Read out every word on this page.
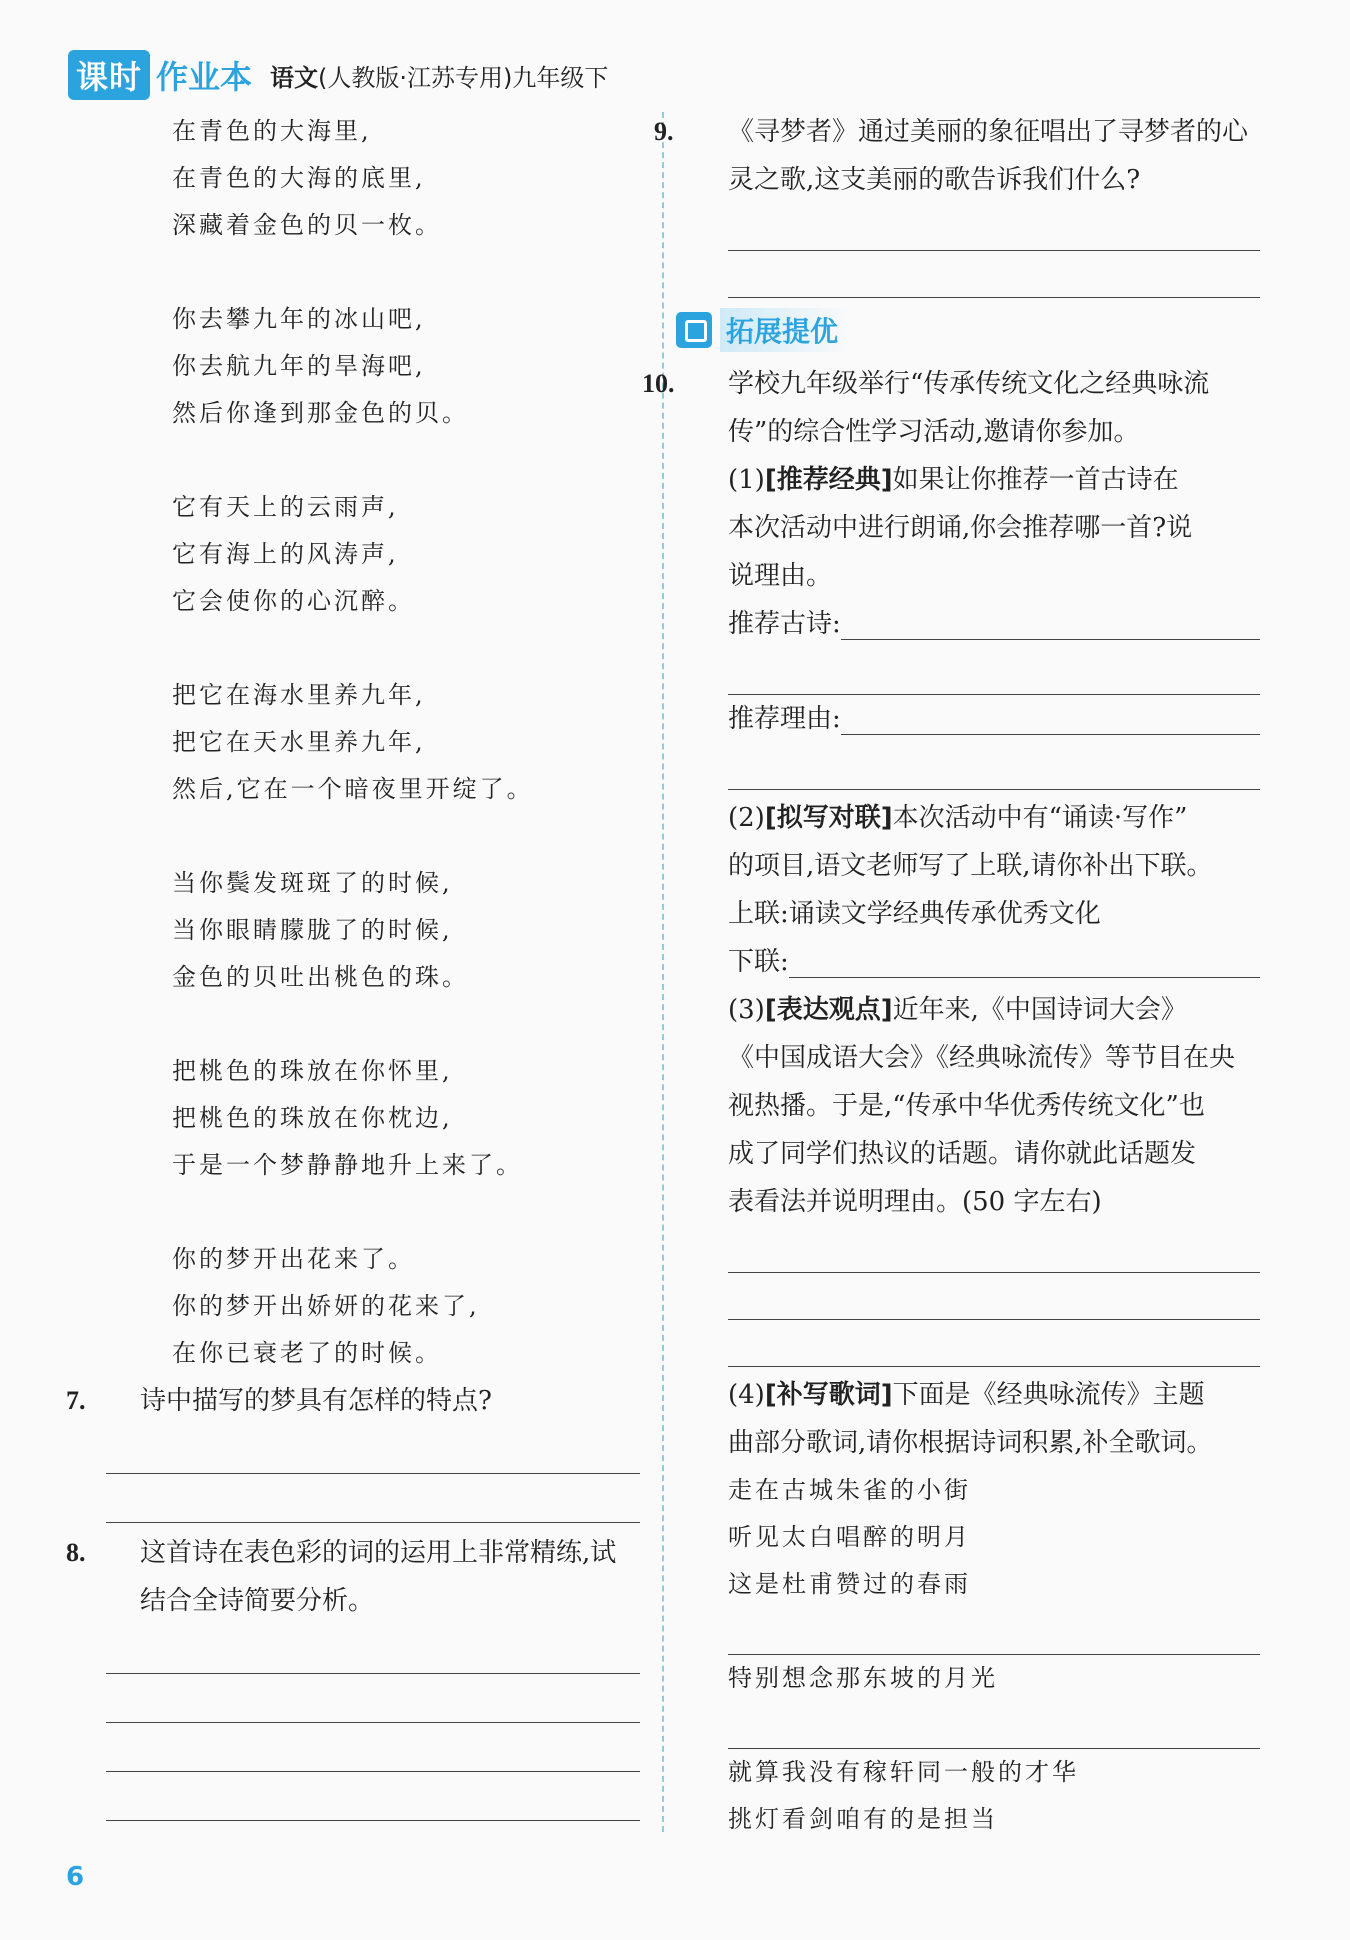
课时 作业本 语文(人教版·江苏专用)九年级下
在青色的大海里,
在青色的大海的底里,
深藏着金色的贝一枚。
你去攀九年的冰山吧,
你去航九年的旱海吧,
然后你逢到那金色的贝。
它有天上的云雨声,
它有海上的风涛声,
它会使你的心沉醉。
把它在海水里养九年,
把它在天水里养九年,
然后,它在一个暗夜里开绽了。
当你鬓发斑斑了的时候,
当你眼睛朦胧了的时候,
金色的贝吐出桃色的珠。
把桃色的珠放在你怀里,
把桃色的珠放在你枕边,
于是一个梦静静地升上来了。
你的梦开出花来了。
你的梦开出娇妍的花来了,
在你已衰老了的时候。
7. 诗中描写的梦具有怎样的特点?
8. 这首诗在表色彩的词的运用上非常精练,试
结合全诗简要分析。
9. 《寻梦者》通过美丽的象征唱出了寻梦者的心
灵之歌,这支美丽的歌告诉我们什么?
拓展提优
10. 学校九年级举行“传承传统文化之经典咏流
传”的综合性学习活动,邀请你参加。
(1)[推荐经典]如果让你推荐一首古诗在
本次活动中进行朗诵,你会推荐哪一首?说
说理由。
推荐古诗:
推荐理由:
(2)[拟写对联]本次活动中有“诵读·写作”
的项目,语文老师写了上联,请你补出下联。
上联:诵读文学经典传承优秀文化
下联:
(3)[表达观点]近年来,《中国诗词大会》
《中国成语大会》《经典咏流传》等节目在央
视热播。于是,“传承中华优秀传统文化”也
成了同学们热议的话题。请你就此话题发
表看法并说明理由。(50 字左右)
(4)[补写歌词]下面是《经典咏流传》主题
曲部分歌词,请你根据诗词积累,补全歌词。
走在古城朱雀的小街
听见太白唱醉的明月
这是杜甫赞过的春雨
特别想念那东坡的月光
就算我没有稼轩同一般的才华
挑灯看剑咱有的是担当
6
